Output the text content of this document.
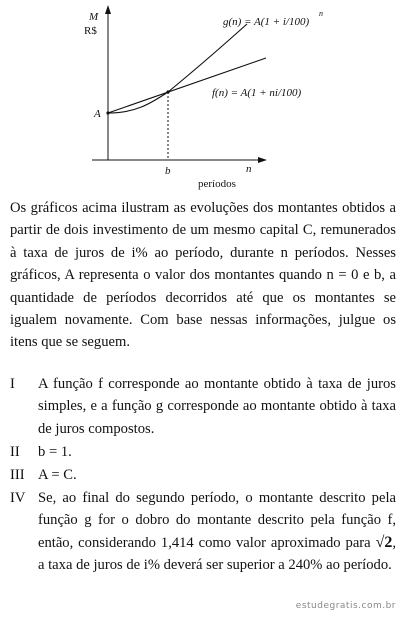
M
R$
A
b	n
períodos
g(n) = A(1 + i/100)
n
f(n) = A(1 + ni/100)

Os gráficos acima ilustram as evoluções dos montantes obtidos a partir de dois investimento de um mesmo capital C, remunerados à taxa de juros de i% ao período, durante n períodos. Nesses gráficos, A representa o valor dos montantes quando n = 0 e b, a quantidade de períodos decorridos até que os montantes se igualem novamente. Com base nessas informações, julgue os itens que se seguem.

I	A função f corresponde ao montante obtido à taxa de juros simples, e a função g corresponde ao montante obtido à taxa de juros compostos.
II	b = 1.
III A = C.
IV Se, ao final do segundo período, o montante descrito pela função g for o dobro do montante descrito pela função f, então, considerando 1,414 como valor aproximado para √2, a taxa de juros de i% deverá ser superior a 240% ao período.
estudegratis.com.br
